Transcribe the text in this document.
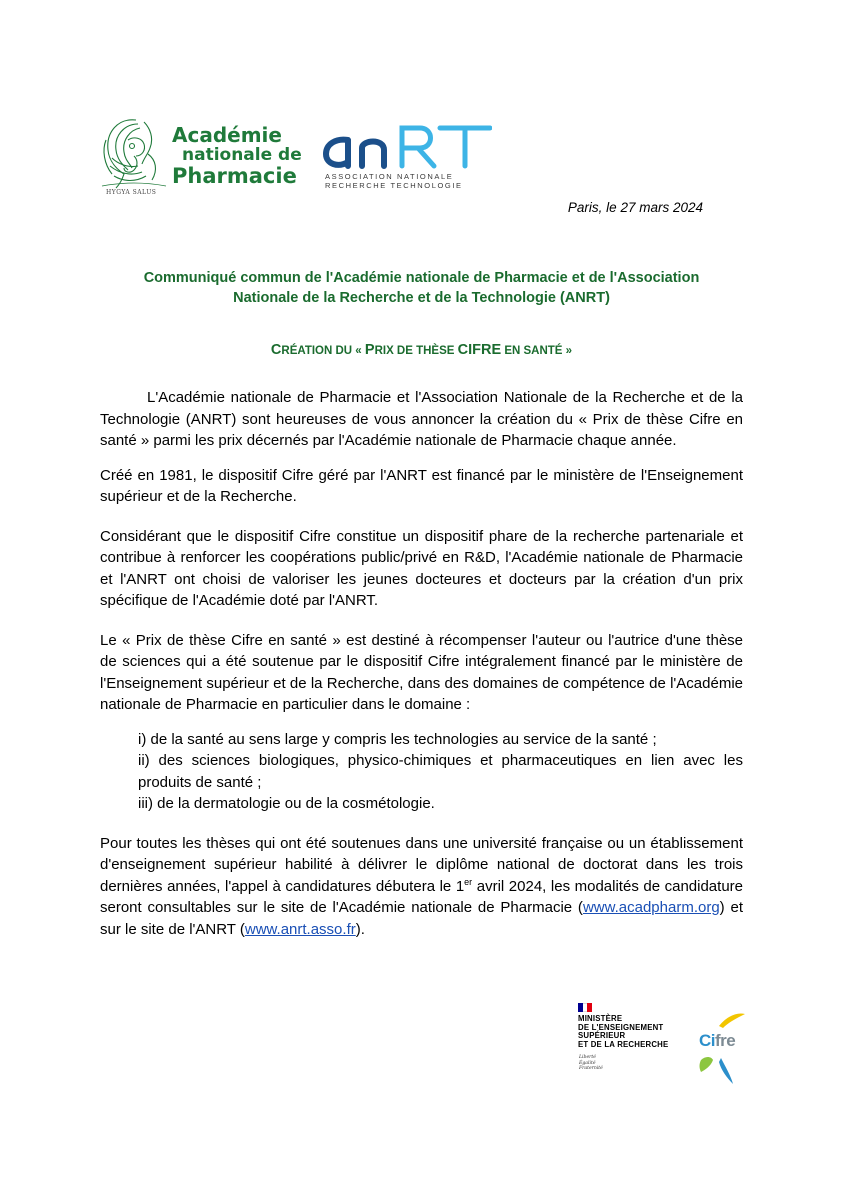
HYGYA SALUS
Académie
nationale de
Pharmacie	ASSOCIATION NATIONALE
RECHERCHE TECHNOLOGIE
Paris, le 27 mars 2024
Communiqué commun de l'Académie nationale de Pharmacie et de l'Association
Nationale de la Recherche et de la Technologie (ANRT)
CRÉATION DU « PRIX DE THÈSE CIFRE EN SANTÉ »

L'Académie nationale de Pharmacie et l'Association Nationale de la Recherche et de la Technologie (ANRT) sont heureuses de vous annoncer la création du « Prix de thèse Cifre en santé » parmi les prix décernés par l'Académie nationale de Pharmacie chaque année.

Créé en 1981, le dispositif Cifre géré par l'ANRT est financé par le ministère de l'Enseignement supérieur et de la Recherche.

Considérant que le dispositif Cifre constitue un dispositif phare de la recherche partenariale et contribue à renforcer les coopérations public/privé en R&D, l'Académie nationale de Pharmacie et l'ANRT ont choisi de valoriser les jeunes docteures et docteurs par la création d'un prix spécifique de l'Académie doté par l'ANRT.

Le « Prix de thèse Cifre en santé » est destiné à récompenser l'auteur ou l'autrice d'une thèse de sciences qui a été soutenue par le dispositif Cifre intégralement financé par le ministère de l'Enseignement supérieur et de la Recherche, dans des domaines de compétence de l'Académie nationale de Pharmacie en particulier dans le domaine :

i) de la santé au sens large y compris les technologies au service de la santé ;
ii) des sciences biologiques, physico-chimiques et pharmaceutiques en lien avec les produits de santé ;
iii) de la dermatologie ou de la cosmétologie.

Pour toutes les thèses qui ont été soutenues dans une université française ou un établissement d'enseignement supérieur habilité à délivrer le diplôme national de doctorat dans les trois dernières années, l'appel à candidatures débutera le 1er avril 2024, les modalités de candidature seront consultables sur le site de l'Académie nationale de Pharmacie (www.acadpharm.org) et sur le site de l'ANRT (www.anrt.asso.fr).

MINISTÈRE
DE L'ENSEIGNEMENT
SUPÉRIEUR
ET DE LA RECHERCHE
Liberté
Égalité
Fraternité
Cifre
